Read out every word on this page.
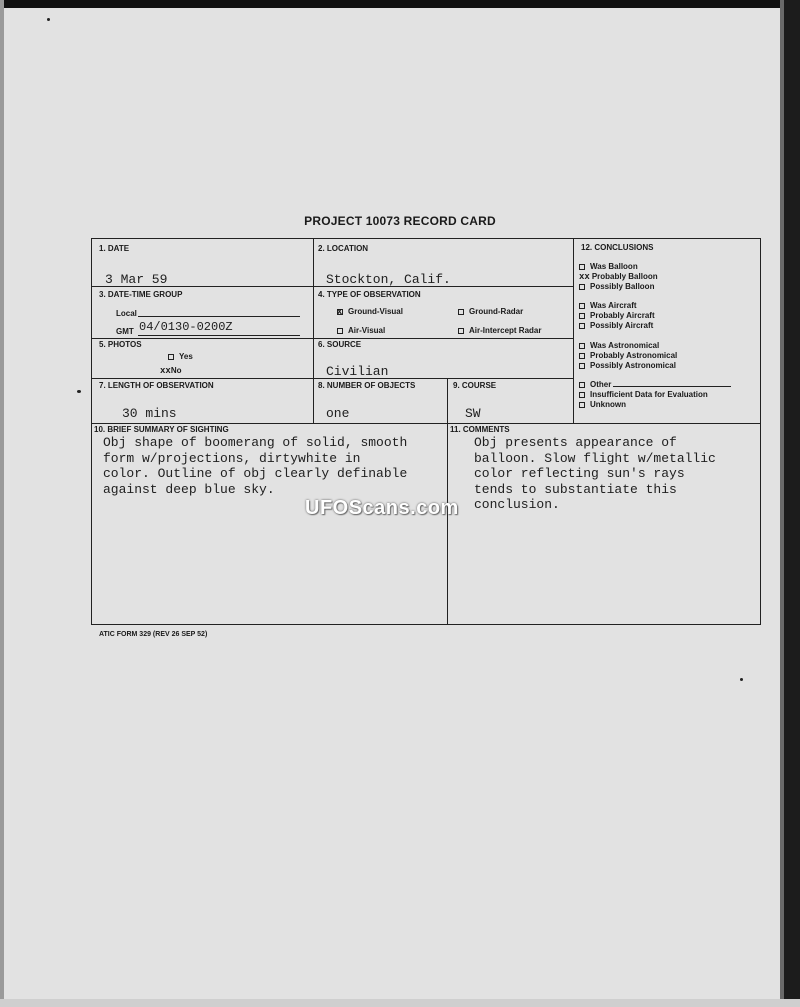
PROJECT 10073 RECORD CARD
1. DATE
3 Mar 59
2. LOCATION
Stockton, Calif.
3. DATE-TIME GROUP
Local
GMT 04/0130-0200Z
4. TYPE OF OBSERVATION
x Ground-Visual	Ground-Radar
Air-Visual	Air-Intercept Radar
5. PHOTOS
Yes
xxNo
6. SOURCE
Civilian
7. LENGTH OF OBSERVATION
30 mins
8. NUMBER OF OBJECTS
one
9. COURSE
SW
12. CONCLUSIONS
Was Balloon
xx Probably Balloon
Possibly Balloon
Was Aircraft
Probably Aircraft
Possibly Aircraft
Was Astronomical
Probably Astronomical
Possibly Astronomical
Other
Insufficient Data for Evaluation
Unknown
10. BRIEF SUMMARY OF SIGHTING
Obj shape of boomerang of solid, smooth
form w/projections, dirtywhite in
color. Outline of obj clearly definable
against deep blue sky.
11. COMMENTS
Obj presents appearance of
balloon. Slow flight w/metallic
color reflecting sun's rays
tends to substantiate this
conclusion.
UFOScans.com
ATIC FORM 329 (REV 26 SEP 52)
